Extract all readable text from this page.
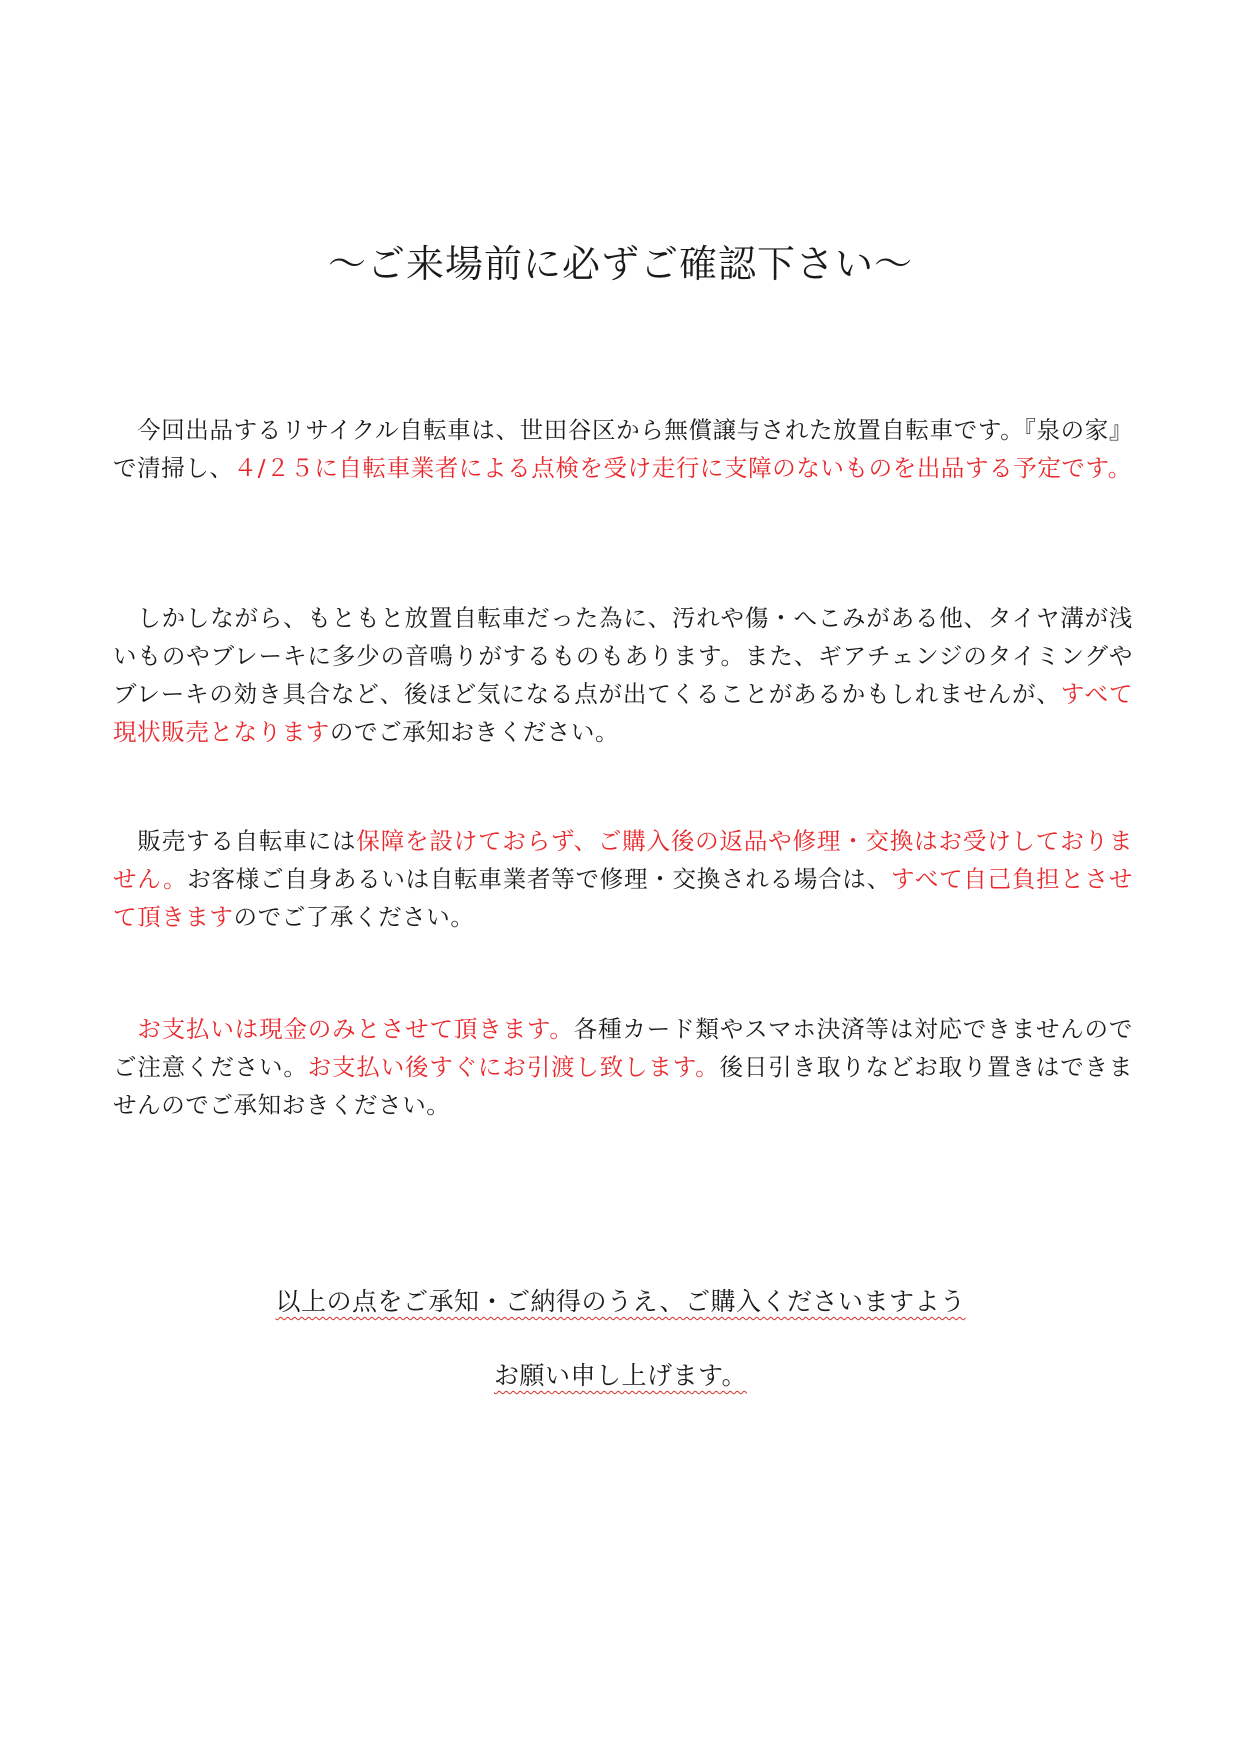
～ご来場前に必ずご確認下さい～

　今回出品するリサイクル自転車は、世田谷区から無償譲与された放置自転車です。『泉の家』で清掃し、４/２５に自転車業者による点検を受け走行に支障のないものを出品する予定です。

　しかしながら、もともと放置自転車だった為に、汚れや傷・へこみがある他、タイヤ溝が浅いものやブレーキに多少の音鳴りがするものもあります。また、ギアチェンジのタイミングやブレーキの効き具合など、後ほど気になる点が出てくることがあるかもしれませんが、すべて現状販売となりますのでご承知おきください。

　販売する自転車には保障を設けておらず、ご購入後の返品や修理・交換はお受けしておりません。お客様ご自身あるいは自転車業者等で修理・交換される場合は、すべて自己負担とさせて頂きますのでご了承ください。

　お支払いは現金のみとさせて頂きます。各種カード類やスマホ決済等は対応できませんのでご注意ください。お支払い後すぐにお引渡し致します。後日引き取りなどお取り置きはできませんのでご承知おきください。

以上の点をご承知・ご納得のうえ、ご購入くださいますよう

お願い申し上げます。
